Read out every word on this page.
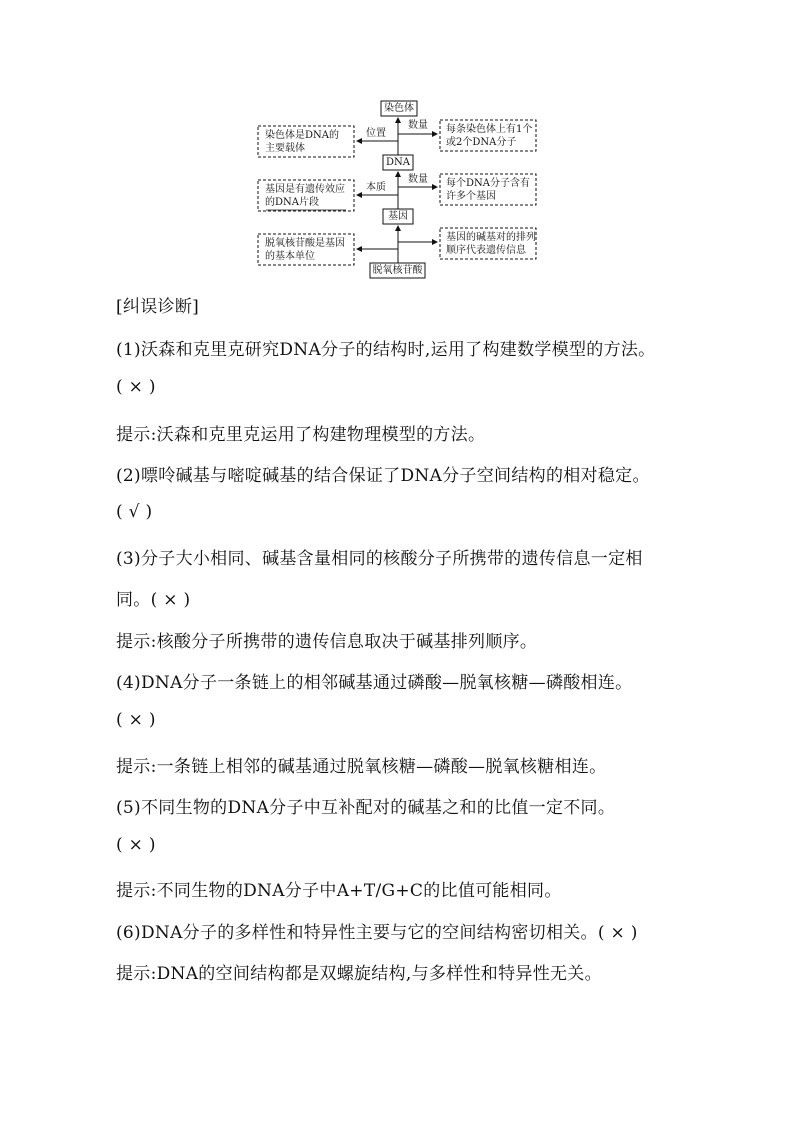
染色体
DNA
基因
脱氧核苷酸
位置
数量
本质
数量
染色体是DNA的
主要载体
基因是有遗传效应
的DNA片段
脱氧核苷酸是基因
的基本单位
每条染色体上有1个
或2个DNA分子
每个DNA分子含有
许多个基因
基因的碱基对的排列
顺序代表遗传信息
[纠误诊断]
(1)沃森和克里克研究DNA分子的结构时,运用了构建数学模型的方法。
( × )
提示:沃森和克里克运用了构建物理模型的方法。
(2)嘌呤碱基与嘧啶碱基的结合保证了DNA分子空间结构的相对稳定。
( √ )
(3)分子大小相同、碱基含量相同的核酸分子所携带的遗传信息一定相
同。( × )
提示:核酸分子所携带的遗传信息取决于碱基排列顺序。
(4)DNA分子一条链上的相邻碱基通过磷酸—脱氧核糖—磷酸相连。
( × )
提示:一条链上相邻的碱基通过脱氧核糖—磷酸—脱氧核糖相连。
(5)不同生物的DNA分子中互补配对的碱基之和的比值一定不同。
( × )
提示:不同生物的DNA分子中A+T/G+C的比值可能相同。
(6)DNA分子的多样性和特异性主要与它的空间结构密切相关。( × )
提示:DNA的空间结构都是双螺旋结构,与多样性和特异性无关。
